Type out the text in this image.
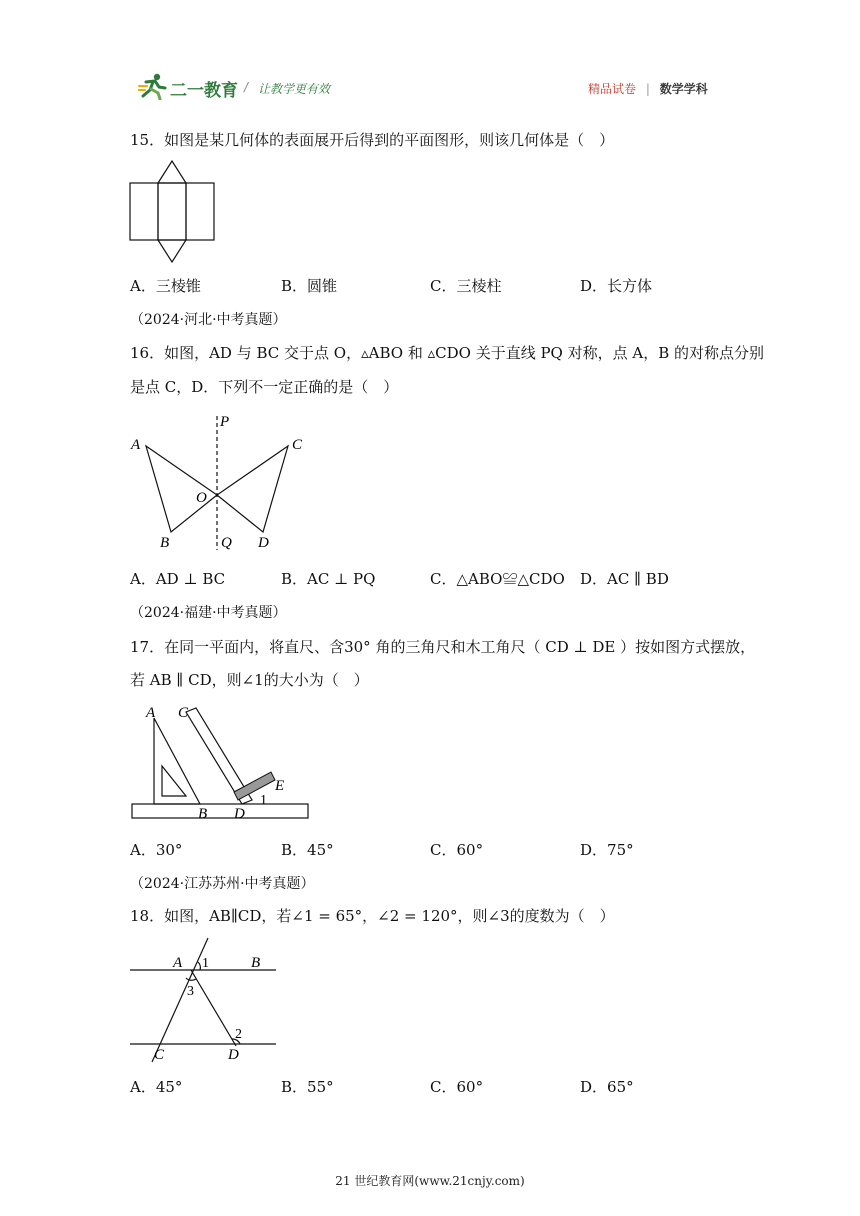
二一教育 / 让教学更有效	精品试卷 | 数学学科
15．如图是某几何体的表面展开后得到的平面图形，则该几何体是（　）
A．三棱锥	B．圆锥	C．三棱柱	D．长方体
（2024·河北·中考真题）
16．如图，AD 与 BC 交于点 O，▵ABO 和 ▵CDO 关于直线 PQ 对称，点 A，B 的对称点分别
是点 C，D．下列不一定正确的是（　）
P
A	C
O
B	Q D
A．AD ⊥ BC	B．AC ⊥ PQ	C．△ABO≌△CDO D．AC ∥ BD
（2024·福建·中考真题）
17．在同一平面内，将直尺、含30° 角的三角尺和木工角尺（ CD ⊥ DE ）按如图方式摆放，
若 AB ∥ CD，则∠1的大小为（　）
A C
E
1
B D
A．30°	B．45°	C．60°	D．75°
（2024·江苏苏州·中考真题）
18．如图，AB∥CD，若∠1 = 65°，∠2 = 120°，则∠3的度数为（　）
A 1	B
3
2
C	D
A．45°	B．55°	C．60°	D．65°
21 世纪教育网(www.21cnjy.com)
